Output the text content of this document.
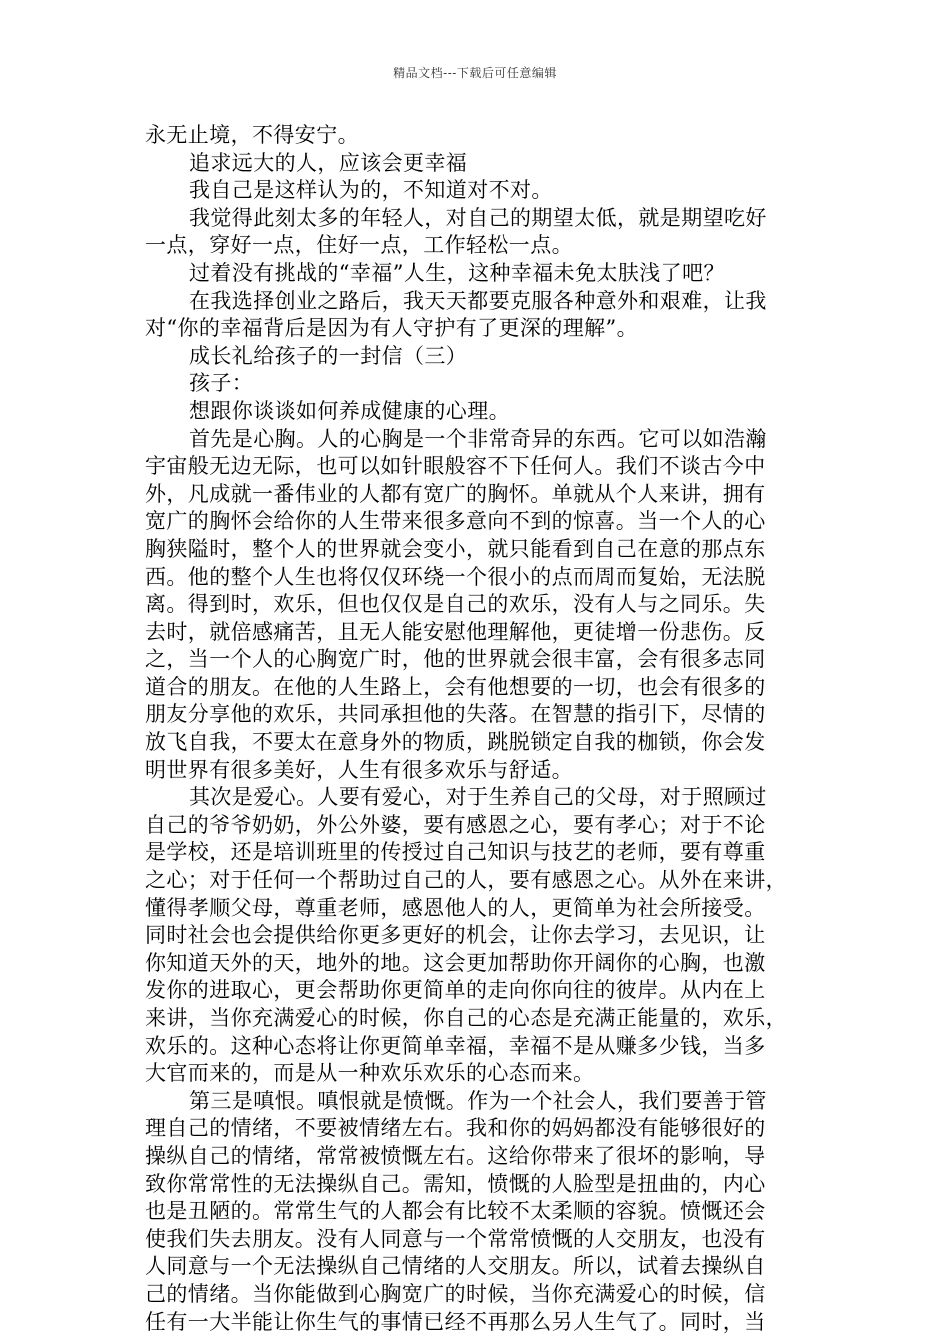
精品文档---下载后可任意编辑
永无止境，不得安宁。
追求远大的人，应该会更幸福
我自己是这样认为的，不知道对不对。
我觉得此刻太多的年轻人，对自己的期望太低，就是期望吃好
一点，穿好一点，住好一点，工作轻松一点。
过着没有挑战的“幸福”人生，这种幸福未免太肤浅了吧？
在我选择创业之路后，我天天都要克服各种意外和艰难，让我
对“你的幸福背后是因为有人守护有了更深的理解”。
成长礼给孩子的一封信（三）
孩子：
想跟你谈谈如何养成健康的心理。
首先是心胸。人的心胸是一个非常奇异的东西。它可以如浩瀚
宇宙般无边无际，也可以如针眼般容不下任何人。我们不谈古今中
外，凡成就一番伟业的人都有宽广的胸怀。单就从个人来讲，拥有
宽广的胸怀会给你的人生带来很多意向不到的惊喜。当一个人的心
胸狭隘时，整个人的世界就会变小，就只能看到自己在意的那点东
西。他的整个人生也将仅仅环绕一个很小的点而周而复始，无法脱
离。得到时，欢乐，但也仅仅是自己的欢乐，没有人与之同乐。失
去时，就倍感痛苦，且无人能安慰他理解他，更徒增一份悲伤。反
之，当一个人的心胸宽广时，他的世界就会很丰富，会有很多志同
道合的朋友。在他的人生路上，会有他想要的一切，也会有很多的
朋友分享他的欢乐，共同承担他的失落。在智慧的指引下，尽情的
放飞自我，不要太在意身外的物质，跳脱锁定自我的枷锁，你会发
明世界有很多美好，人生有很多欢乐与舒适。
其次是爱心。人要有爱心，对于生养自己的父母，对于照顾过
自己的爷爷奶奶，外公外婆，要有感恩之心，要有孝心；对于不论
是学校，还是培训班里的传授过自己知识与技艺的老师，要有尊重
之心；对于任何一个帮助过自己的人，要有感恩之心。从外在来讲，
懂得孝顺父母，尊重老师，感恩他人的人，更简单为社会所接受。
同时社会也会提供给你更多更好的机会，让你去学习，去见识，让
你知道天外的天，地外的地。这会更加帮助你开阔你的心胸，也激
发你的进取心，更会帮助你更简单的走向你向往的彼岸。从内在上
来讲，当你充满爱心的时候，你自己的心态是充满正能量的，欢乐，
欢乐的。这种心态将让你更简单幸福，幸福不是从赚多少钱，当多
大官而来的，而是从一种欢乐欢乐的心态而来。
第三是嗔恨。嗔恨就是愤慨。作为一个社会人，我们要善于管
理自己的情绪，不要被情绪左右。我和你的妈妈都没有能够很好的
操纵自己的情绪，常常被愤慨左右。这给你带来了很坏的影响，导
致你常常性的无法操纵自己。需知，愤慨的人脸型是扭曲的，内心
也是丑陋的。常常生气的人都会有比较不太柔顺的容貌。愤慨还会
使我们失去朋友。没有人同意与一个常常愤慨的人交朋友，也没有
人同意与一个无法操纵自己情绪的人交朋友。所以，试着去操纵自
己的情绪。当你能做到心胸宽广的时候，当你充满爱心的时候，信
任有一大半能让你生气的事情已经不再那么另人生气了。同时，当
